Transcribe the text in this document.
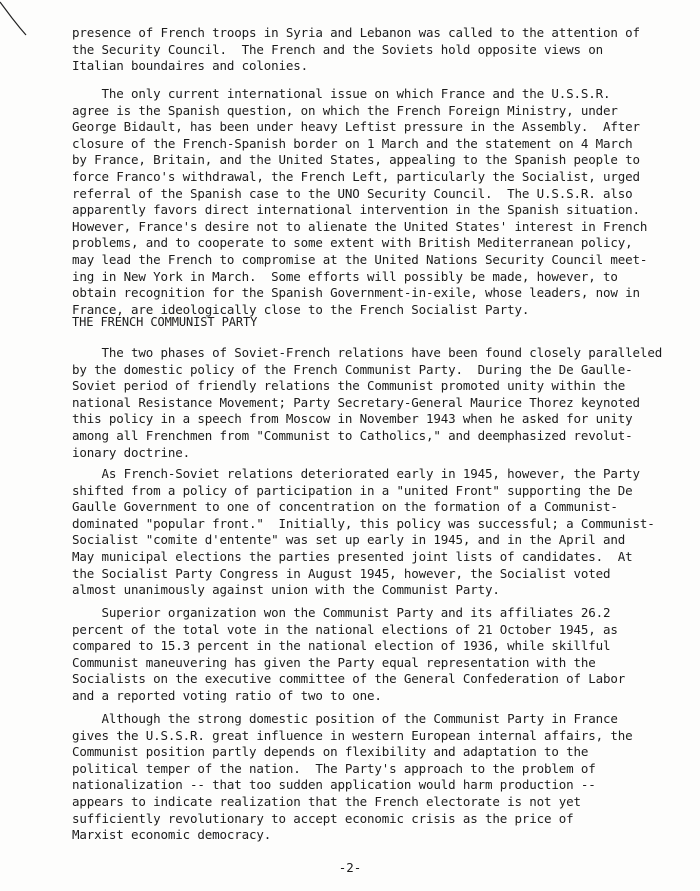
presence of French troops in Syria and Lebanon was called to the attention of
the Security Council.  The French and the Soviets hold opposite views on
Italian boundaires and colonies.

The only current international issue on which France and the U.S.S.R.
agree is the Spanish question, on which the French Foreign Ministry, under
George Bidault, has been under heavy Leftist pressure in the Assembly.  After
closure of the French-Spanish border on 1 March and the statement on 4 March
by France, Britain, and the United States, appealing to the Spanish people to
force Franco's withdrawal, the French Left, particularly the Socialist, urged
referral of the Spanish case to the UNO Security Council.  The U.S.S.R. also
apparently favors direct international intervention in the Spanish situation.
However, France's desire not to alienate the United States' interest in French
problems, and to cooperate to some extent with British Mediterranean policy,
may lead the French to compromise at the United Nations Security Council meet-
ing in New York in March.  Some efforts will possibly be made, however, to
obtain recognition for the Spanish Government-in-exile, whose leaders, now in
France, are ideologically close to the French Socialist Party.

THE FRENCH COMMUNIST PARTY

The two phases of Soviet-French relations have been found closely paralleled
by the domestic policy of the French Communist Party.  During the De Gaulle-
Soviet period of friendly relations the Communist promoted unity within the
national Resistance Movement; Party Secretary-General Maurice Thorez keynoted
this policy in a speech from Moscow in November 1943 when he asked for unity
among all Frenchmen from "Communist to Catholics," and deemphasized revolut-
ionary doctrine.

As French-Soviet relations deteriorated early in 1945, however, the Party
shifted from a policy of participation in a "united Front" supporting the De
Gaulle Government to one of concentration on the formation of a Communist-
dominated "popular front."  Initially, this policy was successful; a Communist-
Socialist "comite d'entente" was set up early in 1945, and in the April and
May municipal elections the parties presented joint lists of candidates.  At
the Socialist Party Congress in August 1945, however, the Socialist voted
almost unanimously against union with the Communist Party.

Superior organization won the Communist Party and its affiliates 26.2
percent of the total vote in the national elections of 21 October 1945, as
compared to 15.3 percent in the national election of 1936, while skillful
Communist maneuvering has given the Party equal representation with the
Socialists on the executive committee of the General Confederation of Labor
and a reported voting ratio of two to one.

Although the strong domestic position of the Communist Party in France
gives the U.S.S.R. great influence in western European internal affairs, the
Communist position partly depends on flexibility and adaptation to the
political temper of the nation.  The Party's approach to the problem of
nationalization -- that too sudden application would harm production --
appears to indicate realization that the French electorate is not yet
sufficiently revolutionary to accept economic crisis as the price of
Marxist economic democracy.

-2-
